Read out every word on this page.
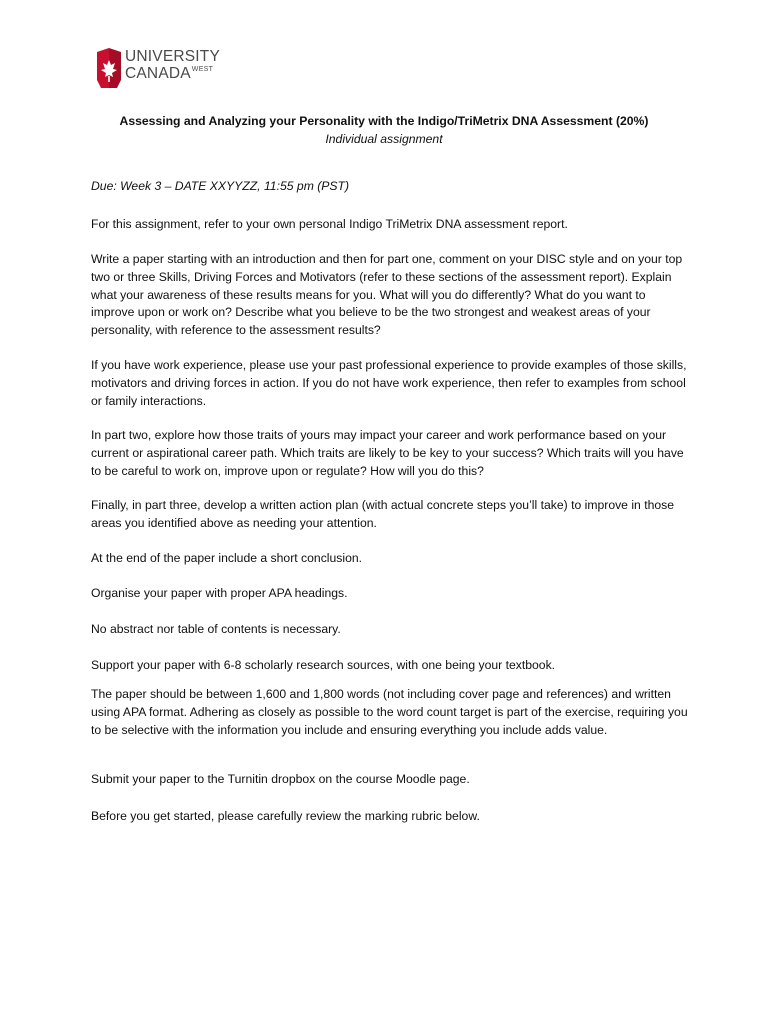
UNIVERSITY
$CANADA^{WEST}$
Assessing and Analyzing your Personality with the Indigo/TriMetrix DNA Assessment (20%)
Individual assignment

Due: Week 3 – DATE XXYYZZ, 11:55 pm (PST)

For this assignment, refer to your own personal Indigo TriMetrix DNA assessment report.

Write a paper starting with an introduction and then for part one, comment on your DISC style and on your top two or three Skills, Driving Forces and Motivators (refer to these sections of the assessment report). Explain what your awareness of these results means for you. What will you do differently? What do you want to improve upon or work on? Describe what you believe to be the two strongest and weakest areas of your personality, with reference to the assessment results?

If you have work experience, please use your past professional experience to provide examples of those skills, motivators and driving forces in action. If you do not have work experience, then refer to examples from school or family interactions.

In part two, explore how those traits of yours may impact your career and work performance based on your current or aspirational career path. Which traits are likely to be key to your success? Which traits will you have to be careful to work on, improve upon or regulate? How will you do this?

Finally, in part three, develop a written action plan (with actual concrete steps you’ll take) to improve in those areas you identified above as needing your attention.

At the end of the paper include a short conclusion.

Organise your paper with proper APA headings.

No abstract nor table of contents is necessary.

Support your paper with 6-8 scholarly research sources, with one being your textbook.

The paper should be between 1,600 and 1,800 words (not including cover page and references) and written using APA format. Adhering as closely as possible to the word count target is part of the exercise, requiring you to be selective with the information you include and ensuring everything you include adds value.

Submit your paper to the Turnitin dropbox on the course Moodle page.

Before you get started, please carefully review the marking rubric below.
